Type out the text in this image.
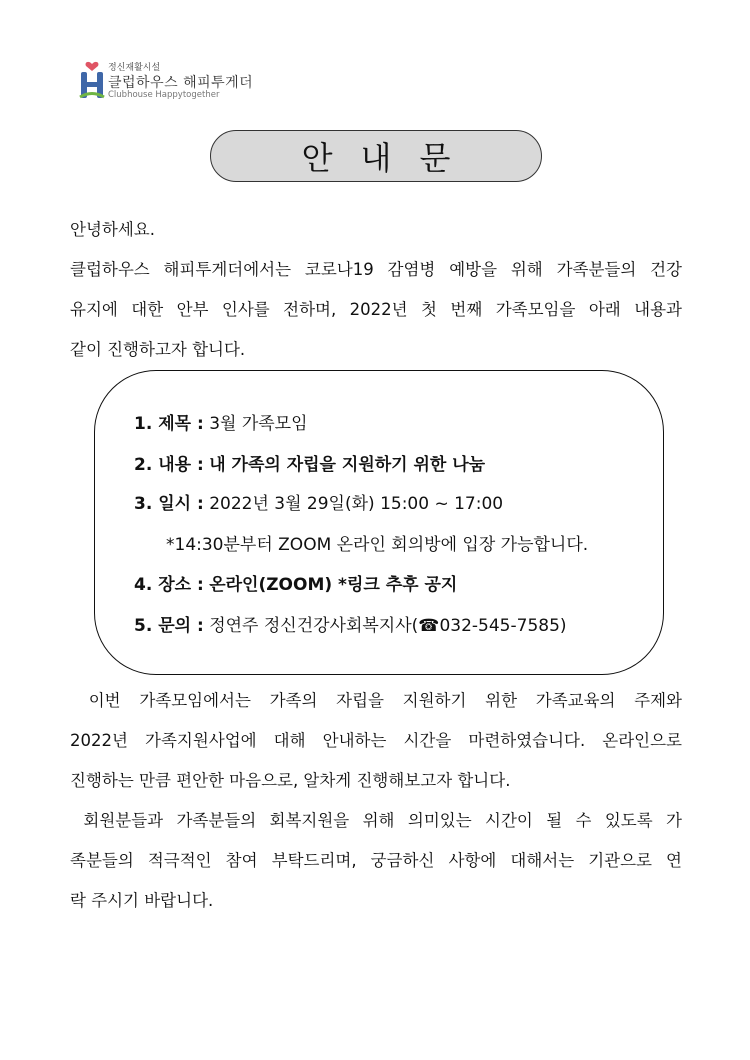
정신재활시설
클럽하우스 해피투게더
Clubhouse Happytogether
안내문

안녕하세요.

클럽하우스 해피투게더에서는 코로나19 감염병 예방을 위해 가족분들의 건강

유지에 대한 안부 인사를 전하며, 2022년 첫 번째 가족모임을 아래 내용과

같이 진행하고자 합니다.

1. 제목 : 3월 가족모임
2. 내용 : 내 가족의 자립을 지원하기 위한 나눔
3. 일시 : 2022년 3월 29일(화) 15:00 ~ 17:00
*14:30분부터 ZOOM 온라인 회의방에 입장 가능합니다.
4. 장소 : 온라인(ZOOM) *링크 추후 공지
5. 문의 : 정연주 정신건강사회복지사(☎032-545-7585)

이번 가족모임에서는 가족의 자립을 지원하기 위한 가족교육의 주제와

2022년 가족지원사업에 대해 안내하는 시간을 마련하였습니다. 온라인으로

진행하는 만큼 편안한 마음으로, 알차게 진행해보고자 합니다.

회원분들과 가족분들의 회복지원을 위해 의미있는 시간이 될 수 있도록 가

족분들의 적극적인 참여 부탁드리며, 궁금하신 사항에 대해서는 기관으로 연

락 주시기 바랍니다.
